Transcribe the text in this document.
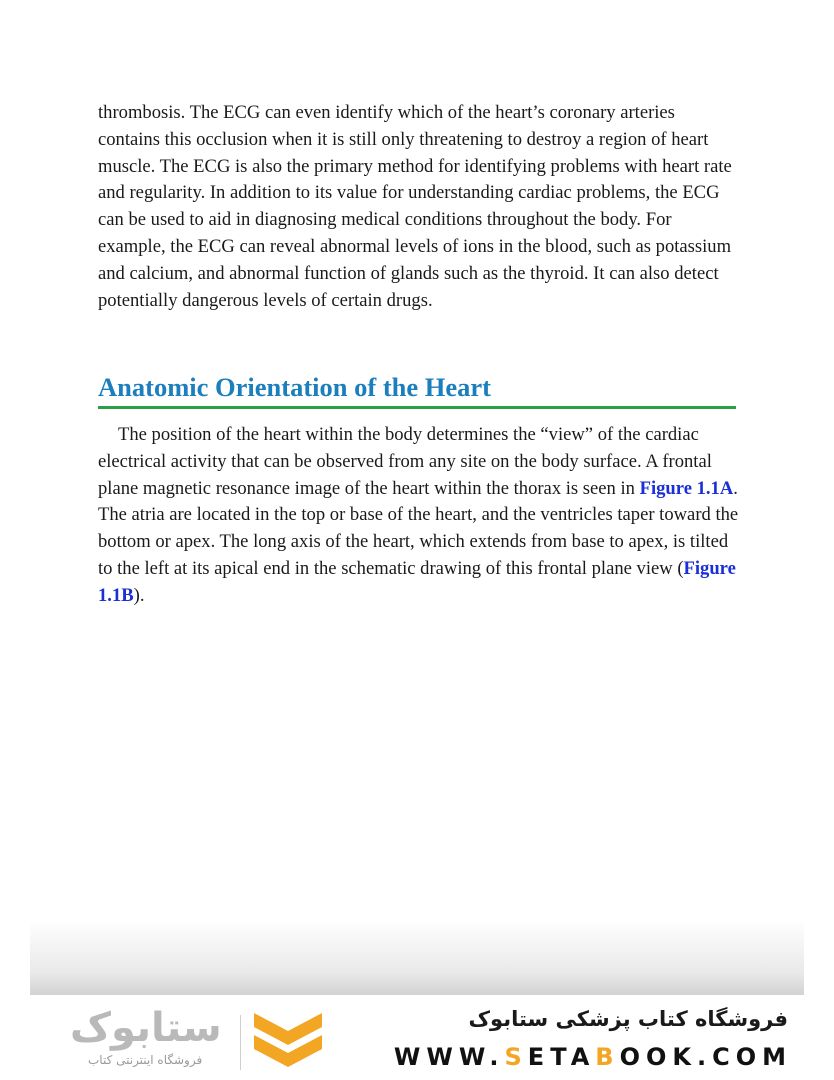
thrombosis. The ECG can even identify which of the heart’s coronary arteries contains this occlusion when it is still only threatening to destroy a region of heart muscle. The ECG is also the primary method for identifying problems with heart rate and regularity. In addition to its value for understanding cardiac problems, the ECG can be used to aid in diagnosing medical conditions throughout the body. For example, the ECG can reveal abnormal levels of ions in the blood, such as potassium and calcium, and abnormal function of glands such as the thyroid. It can also detect potentially dangerous levels of certain drugs.

Anatomic Orientation of the Heart

The position of the heart within the body determines the “view” of the cardiac electrical activity that can be observed from any site on the body surface. A frontal plane magnetic resonance image of the heart within the thorax is seen in Figure 1.1A. The atria are located in the top or base of the heart, and the ventricles taper toward the bottom or apex. The long axis of the heart, which extends from base to apex, is tilted to the left at its apical end in the schematic drawing of this frontal plane view (Figure 1.1B).

ستابوک
فروشگاه اینترنتی کتاب
فروشگاه کتاب پزشکی ستابوک
WWW.SETABOOK.COM
